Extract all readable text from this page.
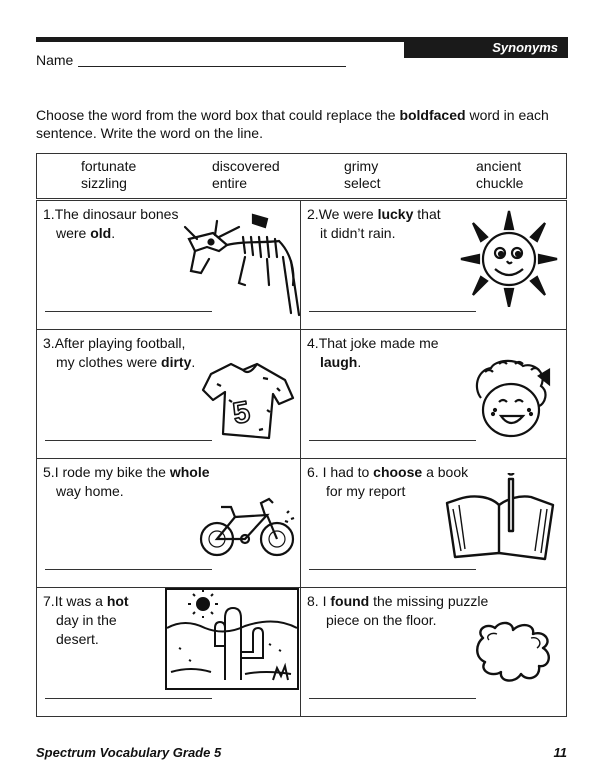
Synonyms
Name
Choose the word from the word box that could replace the boldfaced word in each sentence. Write the word on the line.
fortunate	discovered	grimy	ancient
sizzling	entire	select	chuckle
1.The dinosaur bones
were old.
2.We were lucky that
it didn’t rain.
3.After playing football,
my clothes were dirty.
5
4.That joke made me
laugh.
5.I rode my bike the whole
way home.
6. I had to choose a book
for my report
7.It was a hot
day in the
desert.
8. I found the missing puzzle
piece on the floor.
Spectrum Vocabulary Grade 5	11
